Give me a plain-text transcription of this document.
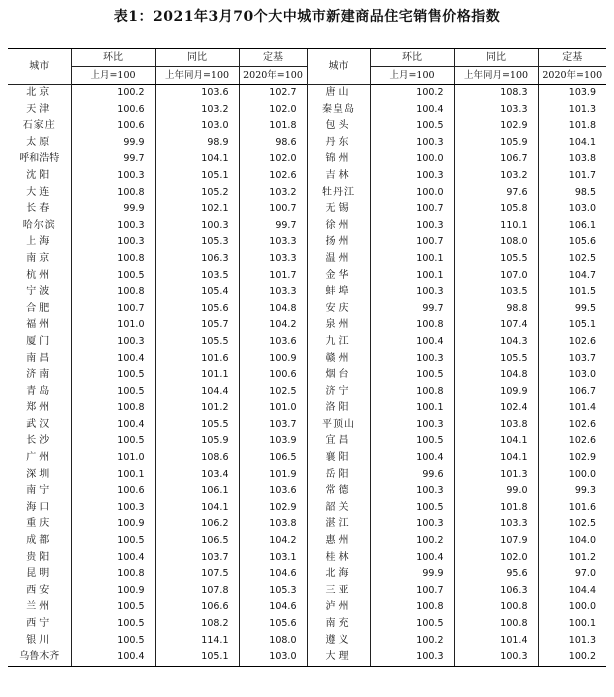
表1：2021年3月70个大中城市新建商品住宅销售价格指数
城市	环比	同比	定基	城市	环比	同比	定基
	上月=100	上年同月=100	2020年=100		上月=100	上年同月=100	2020年=100
北京	100.2	103.6	102.7	唐山	100.2	108.3	103.9
天津	100.6	103.2	102.0	秦皇岛	100.4	103.3	101.3
石家庄	100.6	103.0	101.8	包头	100.5	102.9	101.8
太原	99.9	98.9	98.6	丹东	100.3	105.9	104.1
呼和浩特	99.7	104.1	102.0	锦州	100.0	106.7	103.8
沈阳	100.3	105.1	102.6	吉林	100.3	103.2	101.7
大连	100.8	105.2	103.2	牡丹江	100.0	97.6	98.5
长春	99.9	102.1	100.7	无锡	100.7	105.8	103.0
哈尔滨	100.3	100.3	99.7	徐州	100.3	110.1	106.1
上海	100.3	105.3	103.3	扬州	100.7	108.0	105.6
南京	100.8	106.3	103.3	温州	100.1	105.5	102.5
杭州	100.5	103.5	101.7	金华	100.1	107.0	104.7
宁波	100.8	105.4	103.3	蚌埠	100.3	103.5	101.5
合肥	100.7	105.6	104.8	安庆	99.7	98.8	99.5
福州	101.0	105.7	104.2	泉州	100.8	107.4	105.1
厦门	100.3	105.5	103.6	九江	100.4	104.3	102.6
南昌	100.4	101.6	100.9	赣州	100.3	105.5	103.7
济南	100.5	101.1	100.6	烟台	100.5	104.8	103.0
青岛	100.5	104.4	102.5	济宁	100.8	109.9	106.7
郑州	100.8	101.2	101.0	洛阳	100.1	102.4	101.4
武汉	100.4	105.5	103.7	平顶山	100.3	103.8	102.6
长沙	100.5	105.9	103.9	宜昌	100.5	104.1	102.6
广州	101.0	108.6	106.5	襄阳	100.4	104.1	102.9
深圳	100.1	103.4	101.9	岳阳	99.6	101.3	100.0
南宁	100.6	106.1	103.6	常德	100.3	99.0	99.3
海口	100.3	104.1	102.9	韶关	100.5	101.8	101.6
重庆	100.9	106.2	103.8	湛江	100.3	103.3	102.5
成都	100.5	106.5	104.2	惠州	100.2	107.9	104.0
贵阳	100.4	103.7	103.1	桂林	100.4	102.0	101.2
昆明	100.8	107.5	104.6	北海	99.9	95.6	97.0
西安	100.9	107.8	105.3	三亚	100.7	106.3	104.4
兰州	100.5	106.6	104.6	泸州	100.8	100.8	100.0
西宁	100.5	108.2	105.6	南充	100.5	100.8	100.1
银川	100.5	114.1	108.0	遵义	100.2	101.4	101.3
乌鲁木齐	100.4	105.1	103.0	大理	100.3	100.3	100.2
